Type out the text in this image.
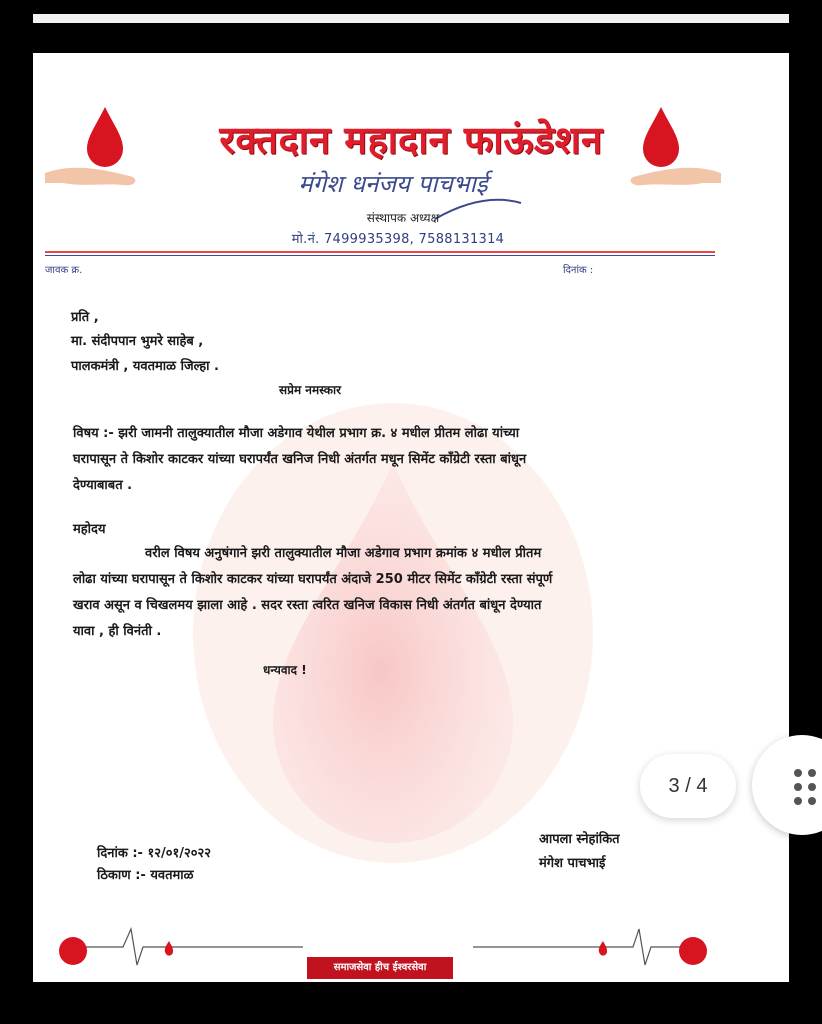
रक्तदान महादान फाऊंडेशन
मंगेश धनंजय पाचभाई
संस्थापक अध्यक्ष
मो.नं. 7499935398, 7588131314
जावक क्र.	दिनांक :
प्रति ,
मा. संदीपपान भुमरे साहेब ,
पालकमंत्री , यवतमाळ जिल्हा .
सप्रेम नमस्कार
विषय :- झरी जामनी तालुक्यातील मौजा अडेगाव येथील प्रभाग क्र. ४ मधील प्रीतम लोढा यांच्या
घरापासून ते किशोर काटकर यांच्या घरापर्यंत खनिज निधी अंतर्गत मधून सिमेंट कॉंग्रेटी रस्ता बांधून
देण्याबाबत .
महोदय
वरील विषय अनुषंगाने झरी तालुक्यातील मौजा अडेगाव प्रभाग क्रमांक ४ मधील प्रीतम
लोढा यांच्या घरापासून ते किशोर काटकर यांच्या घरापर्यंत अंदाजे 250 मीटर सिमेंट कॉंग्रेटी रस्ता संपूर्ण
खराव असून व चिखलमय झाला आहे . सदर रस्ता त्वरित खनिज विकास निधी अंतर्गत बांधून देण्यात
यावा , ही विनंती .
धन्यवाद !
आपला स्नेहांकित
मंगेश पाचभाई
दिनांक :- १२/०१/२०२२
ठिकाण :- यवतमाळ
समाजसेवा हीच ईश्वरसेवा
3 / 4
